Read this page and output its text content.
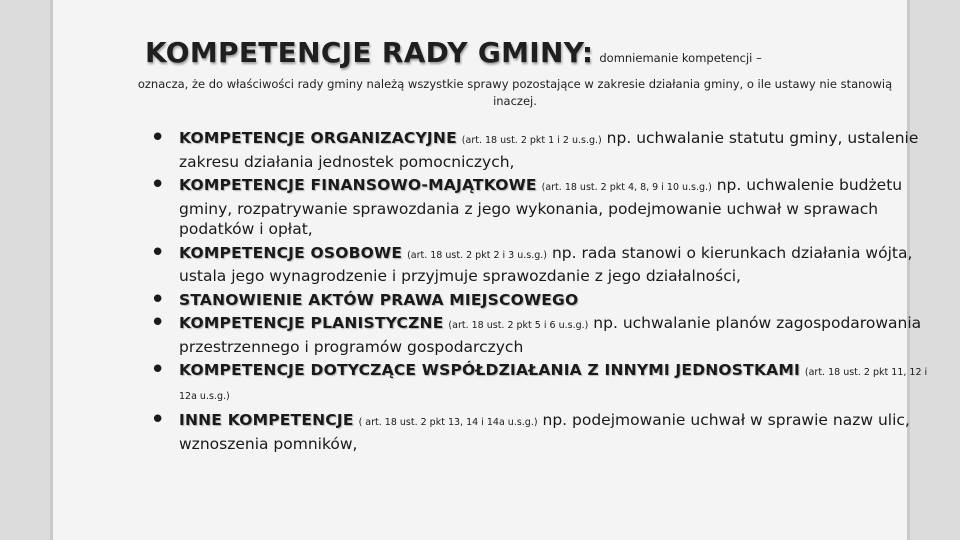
KOMPETENCJE RADY GMINY: domniemanie kompetencji –
oznacza, że do właściwości rady gminy należą wszystkie sprawy pozostające w zakresie działania gminy, o ile ustawy nie stanowią inaczej.
• KOMPETENCJE ORGANIZACYJNE (art. 18 ust. 2 pkt 1 i 2 u.s.g.) np. uchwalanie statutu gminy, ustalenie zakresu działania jednostek pomocniczych,
• KOMPETENCJE FINANSOWO-MAJĄTKOWE (art. 18 ust. 2 pkt 4, 8, 9 i 10 u.s.g.) np. uchwalenie budżetu gminy, rozpatrywanie sprawozdania z jego wykonania, podejmowanie uchwał w sprawach podatków i opłat,
• KOMPETENCJE OSOBOWE (art. 18 ust. 2 pkt 2 i 3 u.s.g.) np. rada stanowi o kierunkach działania wójta, ustala jego wynagrodzenie i przyjmuje sprawozdanie z jego działalności,
• STANOWIENIE AKTÓW PRAWA MIEJSCOWEGO
• KOMPETENCJE PLANISTYCZNE (art. 18 ust. 2 pkt 5 i 6 u.s.g.) np. uchwalanie planów zagospodarowania przestrzennego i programów gospodarczych
• KOMPETENCJE DOTYCZĄCE WSPÓŁDZIAŁANIA Z INNYMI JEDNOSTKAMI (art. 18 ust. 2 pkt 11, 12 i 12a u.s.g.)
• INNE KOMPETENCJE ( art. 18 ust. 2 pkt 13, 14 i 14a u.s.g.) np. podejmowanie uchwał w sprawie nazw ulic, wznoszenia pomników,
